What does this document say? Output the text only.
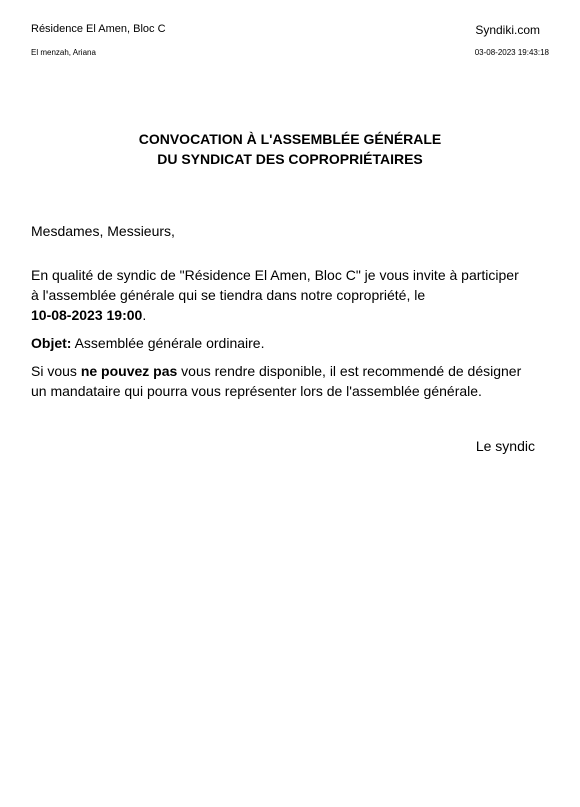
Résidence El Amen, Bloc C
El menzah, Ariana
Syndiki.com
03-08-2023 19:43:18
CONVOCATION À L'ASSEMBLÉE GÉNÉRALE
DU SYNDICAT DES COPROPRIÉTAIRES
Mesdames, Messieurs,
En qualité de syndic de "Résidence El Amen, Bloc C" je vous invite à participer
à l'assemblée générale qui se tiendra dans notre copropriété, le
10-08-2023 19:00.
Objet: Assemblée générale ordinaire.
Si vous ne pouvez pas vous rendre disponible, il est recommendé de désigner
un mandataire qui pourra vous représenter lors de l'assemblée générale.
Le syndic
